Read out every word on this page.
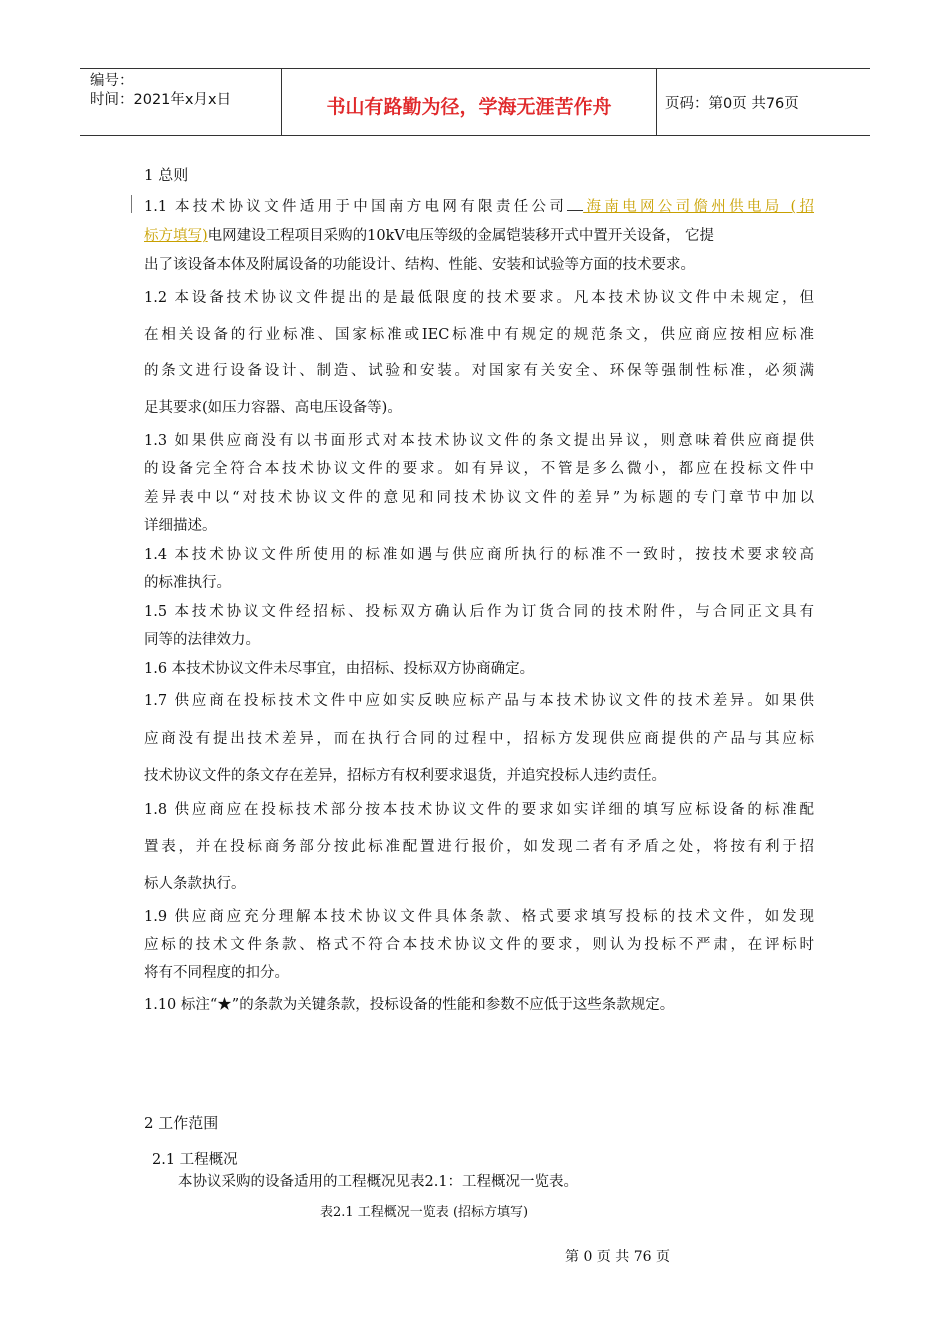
编号：
时间：2021年x月x日	书山有路勤为径，学海无涯苦作舟	页码：第0页 共76页
1 总则
1.1 本技术协议文件适用于中国南方电网有限责任公司 海南电网公司儋州供电局 (招
标方填写)电网建设工程项目采购的10kV电压等级的金属铠装移开式中置开关设备， 它提
出了该设备本体及附属设备的功能设计、结构、性能、安装和试验等方面的技术要求。
1.2 本设备技术协议文件提出的是最低限度的技术要求。凡本技术协议文件中未规定，但
在相关设备的行业标准、国家标准或IEC标准中有规定的规范条文，供应商应按相应标准
的条文进行设备设计、制造、试验和安装。对国家有关安全、环保等强制性标准，必须满
足其要求(如压力容器、高电压设备等)。
1.3 如果供应商没有以书面形式对本技术协议文件的条文提出异议，则意味着供应商提供
的设备完全符合本技术协议文件的要求。如有异议，不管是多么微小，都应在投标文件中
差异表中以“对技术协议文件的意见和同技术协议文件的差异”为标题的专门章节中加以
详细描述。
1.4 本技术协议文件所使用的标准如遇与供应商所执行的标准不一致时，按技术要求较高
的标准执行。
1.5 本技术协议文件经招标、投标双方确认后作为订货合同的技术附件，与合同正文具有
同等的法律效力。
1.6 本技术协议文件未尽事宜，由招标、投标双方协商确定。
1.7 供应商在投标技术文件中应如实反映应标产品与本技术协议文件的技术差异。如果供
应商没有提出技术差异，而在执行合同的过程中，招标方发现供应商提供的产品与其应标
技术协议文件的条文存在差异，招标方有权利要求退货，并追究投标人违约责任。
1.8 供应商应在投标技术部分按本技术协议文件的要求如实详细的填写应标设备的标准配
置表，并在投标商务部分按此标准配置进行报价，如发现二者有矛盾之处，将按有利于招
标人条款执行。
1.9 供应商应充分理解本技术协议文件具体条款、格式要求填写投标的技术文件，如发现
应标的技术文件条款、格式不符合本技术协议文件的要求，则认为投标不严肃，在评标时
将有不同程度的扣分。
1.10 标注“★”的条款为关键条款，投标设备的性能和参数不应低于这些条款规定。
2 工作范围
2.1 工程概况
本协议采购的设备适用的工程概况见表2.1：工程概况一览表。
表2.1 工程概况一览表 (招标方填写)
第 0 页 共 76 页
